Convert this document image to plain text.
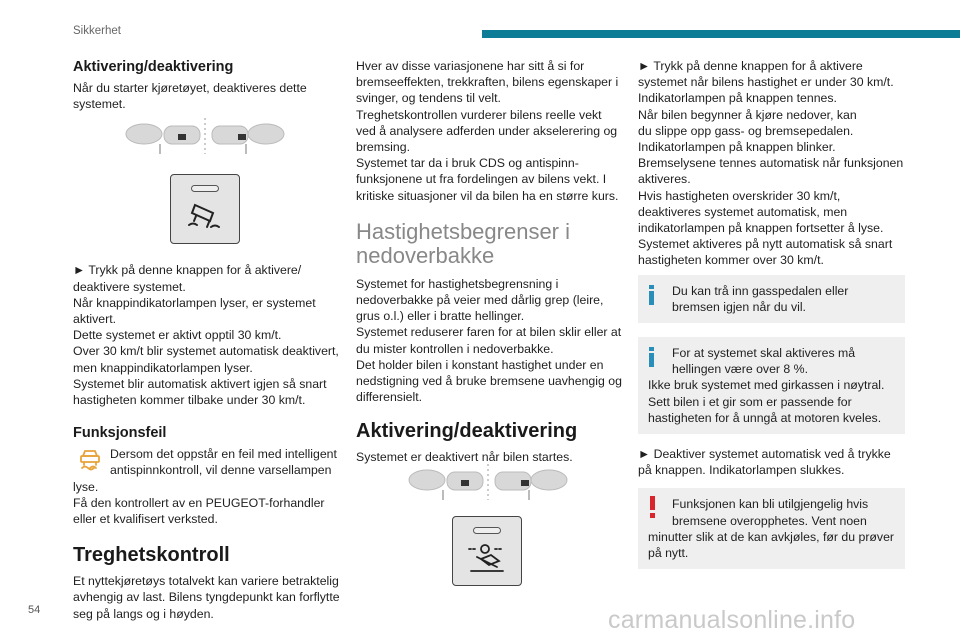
Sikkerhet
Aktivering/deaktivering
Når du starter kjøretøyet, deaktiveres dette
systemet.
► Trykk på denne knappen for å aktivere/
deaktivere systemet.
Når knappindikatorlampen lyser, er systemet
aktivert.
Dette systemet er aktivt opptil 30 km/t.
Over 30 km/t blir systemet automatisk deaktivert,
men knappindikatorlampen lyser.
Systemet blir automatisk aktivert igjen så snart
hastigheten kommer tilbake under 30 km/t.
Funksjonsfeil
Dersom det oppstår en feil med intelligent
antispinnkontroll, vil denne varsellampen
lyse.
Få den kontrollert av en PEUGEOT-forhandler
eller et kvalifisert verksted.
Treghetskontroll
Et nyttekjøretøys totalvekt kan variere betraktelig
avhengig av last. Bilens tyngdepunkt kan forflytte
seg på langs og i høyden.
Hver av disse variasjonene har sitt å si for
bremseeffekten, trekkraften, bilens egenskaper i
svinger, og tendens til velt.
Treghetskontrollen vurderer bilens reelle vekt
ved å analysere adferden under akselerering og
bremsing.
Systemet tar da i bruk CDS og antispinn-
funksjonene ut fra fordelingen av bilens vekt. I
kritiske situasjoner vil da bilen ha en større kurs.
Hastighetsbegrenser i
nedoverbakke
Systemet for hastighetsbegrensning i
nedoverbakke på veier med dårlig grep (leire,
grus o.l.) eller i bratte hellinger.
Systemet reduserer faren for at bilen sklir eller at
du mister kontrollen i nedoverbakke.
Det holder bilen i konstant hastighet under en
nedstigning ved å bruke bremsene uavhengig og
differensielt.
Aktivering/deaktivering
Systemet er deaktivert når bilen startes.
► Trykk på denne knappen for å aktivere
systemet når bilens hastighet er under 30 km/t.
Indikatorlampen på knappen tennes.
Når bilen begynner å kjøre nedover, kan
du slippe opp gass- og bremsepedalen.
Indikatorlampen på knappen blinker.
Bremselysene tennes automatisk når funksjonen
aktiveres.
Hvis hastigheten overskrider 30 km/t,
deaktiveres systemet automatisk, men
indikatorlampen på knappen fortsetter å lyse.
Systemet aktiveres på nytt automatisk så snart
hastigheten kommer over 30 km/t.
Du kan trå inn gasspedalen eller
bremsen igjen når du vil.
For at systemet skal aktiveres må
hellingen være over 8 %.
Ikke bruk systemet med girkassen i nøytral.
Sett bilen i et gir som er passende for
hastigheten for å unngå at motoren kveles.
► Deaktiver systemet automatisk ved å trykke
på knappen. Indikatorlampen slukkes.
Funksjonen kan bli utilgjengelig hvis
bremsene overopphetes. Vent noen
minutter slik at de kan avkjøles, før du prøver
på nytt.
54	carmanualsonline.info
